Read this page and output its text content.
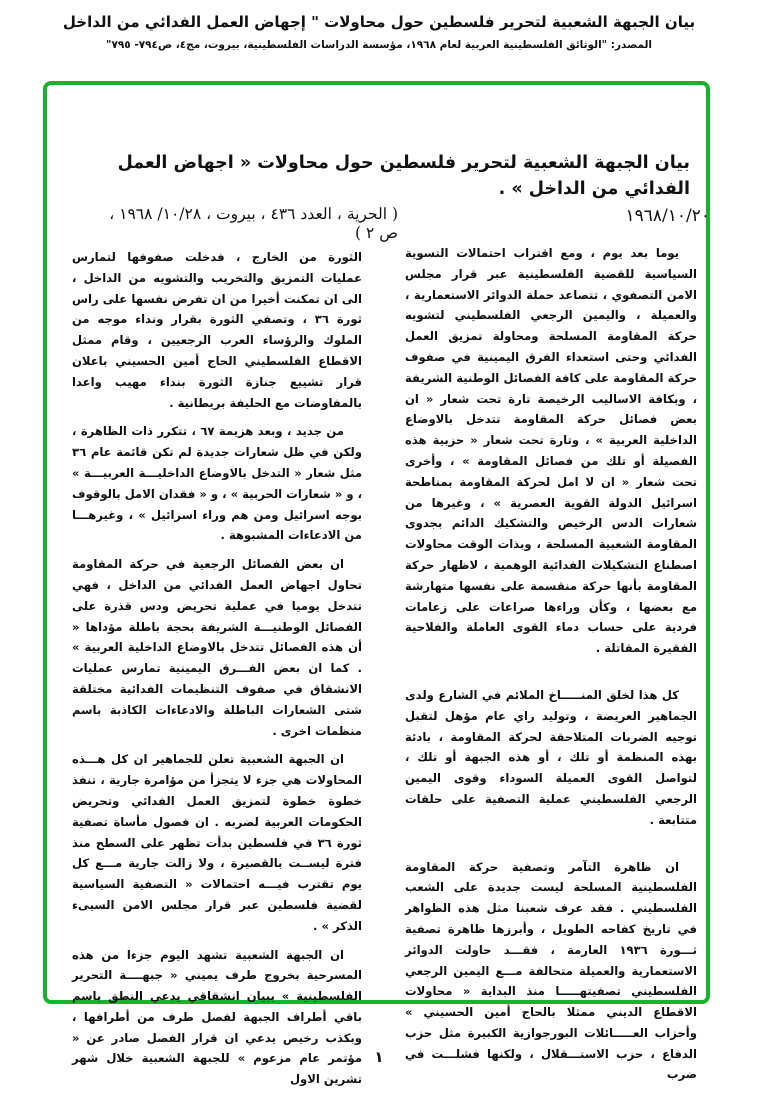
بيان الجبهة الشعبية لتحرير فلسطين حول محاولات " إجهاض العمل الفدائي من الداخل

المصدر: "الوثائق الفلسطينية العربية لعام ١٩٦٨، مؤسسة الدراسات الفلسطينية، بيروت، مج٤، ص٧٩٤- ٧٩٥"

بيان الجبهة الشعبية لتحرير فلسطين حول محاولات « اجهاض العمل الفدائي من الداخل » .
١٩٦٨/١٠/٢٠
( الحرية ، العدد ٤٣٦ ، بيروت ، ١٠/٢٨/ ١٩٦٨ ، ص ٢ )

يوما بعد يوم ، ومع اقتراب احتمالات التسوية السياسية للقضية الفلسطينية عبر قرار مجلس الامن التصفوي ، تتصاعد حملة الدوائر الاستعمارية ، والعميلة ، واليمين الرجعي الفلسطيني لتشويه حركة المقاومة المسلحة ومحاولة تمزيق العمل الفدائي وحتى استعداء الفرق اليمينية في صفوف حركة المقاومة على كافة الفصائل الوطنية الشريفة ، وبكافة الاساليب الرخيصة تارة تحت شعار « ان بعض فصائل حركة المقاومة تتدخل بالاوضاع الداخلية العربية » ، وتارة تحت شعار « حزبية هذه الفصيلة أو تلك من فصائل المقاومة » ، وأخرى تحت شعار « ان لا امل لحركة المقاومة بمناطحة اسرائيل الدولة القوية العصرية » ، وغيرها من شعارات الدس الرخيص والتشكيك الدائم بجدوى المقاومة الشعبية المسلحة ، وبذات الوقت محاولات اصطناع التشكيلات الفدائية الوهمية ، لاظهار حركة المقاومة بأنها حركة منقسمة على نفسها متهارشة مع بعضها ، وكأن وراءها صراعات على زعامات فردية على حساب دماء القوى العاملة والفلاحية الفقيرة المقاتلة .

كل هذا لخلق المنـــــاخ الملائم في الشارع ولدى الجماهير العريضة ، وتوليد راي عام مؤهل لتقبل توجيه الضربات المتلاحقة لحركة المقاومة ، بادئة بهذه المنظمة أو تلك ، أو هذه الجبهة أو تلك ، لتواصل القوى العميلة السوداء وقوى اليمين الرجعي الفلسطيني عملية التصفية على حلقات متتابعة .

ان ظاهرة التآمر وتصفية حركة المقاومة الفلسطينية المسلحة ليست جديدة على الشعب الفلسطيني . فقد عرف شعبنا مثل هذه الظواهر في تاريخ كفاحه الطويل ، وأبرزها ظاهرة تصفية ثـــورة ١٩٣٦ العارمة ، فقـــد حاولت الدوائر الاستعمارية والعميلة متحالفة مـــع اليمين الرجعي الفلسطيني تصفيتهـــــا منذ البداية « محاولات الاقطاع الديني ممثلا بالحاج أمين الحسيني » وأحزاب العـــــائلات البورجوازية الكبيرة مثل حزب الدفاع ، حزب الاستـــقلال ، ولكنها فشلـــت في ضرب

الثورة من الخارج ، فدخلت صفوفها لتمارس عمليات التمزيق والتخريب والتشويه من الداخل ، الى ان تمكنت أخيرا من ان تفرض نفسها على راس ثورة ٣٦ ، وتصفي الثورة بقرار ونداء موجه من الملوك والرؤساء العرب الرجعيين ، وقام ممثل الاقطاع الفلسطيني الحاج أمين الحسيني باعلان قرار تشييع جنازة الثورة بنداء مهيب واعدا بالمفاوضات مع الحليفة بريطانية .

من جديد ، وبعد هزيمة ٦٧ ، تتكرر ذات الظاهرة ، ولكن في ظل شعارات جديدة لم تكن قائمة عام ٣٦ مثل شعار « التدخل بالاوضاع الداخليـــة العربيـــة » ، و « شعارات الحربية » ، و « فقدان الامل بالوقوف بوجه اسرائيل ومن هم وراء اسرائيل » ، وغيرهـــا من الادعاءات المشبوهة .

ان بعض الفصائل الرجعية في حركة المقاومة تحاول اجهاض العمل الفدائي من الداخل ، فهي تتدخل يوميا في عملية تحريض ودس قذرة على الفصائل الوطنيـــة الشريفة بحجة باطلة مؤداها « أن هذه الفصائل تتدخل بالاوضاع الداخلية العربية » . كما ان بعض الفـــرق اليمينية تمارس عمليات الانشقاق في صفوف التنظيمات الفدائية مختلقة شتى الشعارات الباطلة والادعاءات الكاذبة باسم منظمات اخرى .

ان الجبهة الشعبية تعلن للجماهير ان كل هـــذه المحاولات هي جزء لا يتجزأ من مؤامرة جارية ، تنفذ خطوة خطوة لتمزيق العمل الفدائي وتحريض الحكومات العربية لضربه . ان فصول مأساة تصفية ثورة ٣٦ في فلسطين بدأت تظهر على السطح منذ فترة ليســت بالقصيرة ، ولا زالت جارية مـــع كل يوم تقترب فيـــه احتمالات « التصفية السياسية لقضية فلسطين عبر قرار مجلس الامن السيىء الذكر » .

ان الجبهة الشعبية تشهد اليوم جزءا من هذه المسرحية بخروج طرف يميني « جبهــــة التحرير الفلسطينية » ببيان انشقاقي يدعي النطق باسم باقي أطراف الجبهة لفصل طرف من أطرافها ، وبكذب رخيص يدعي ان قرار الفصل صادر عن « مؤتمر عام مزعوم » للجبهة الشعبية خلال شهر تشرين الاول

١
